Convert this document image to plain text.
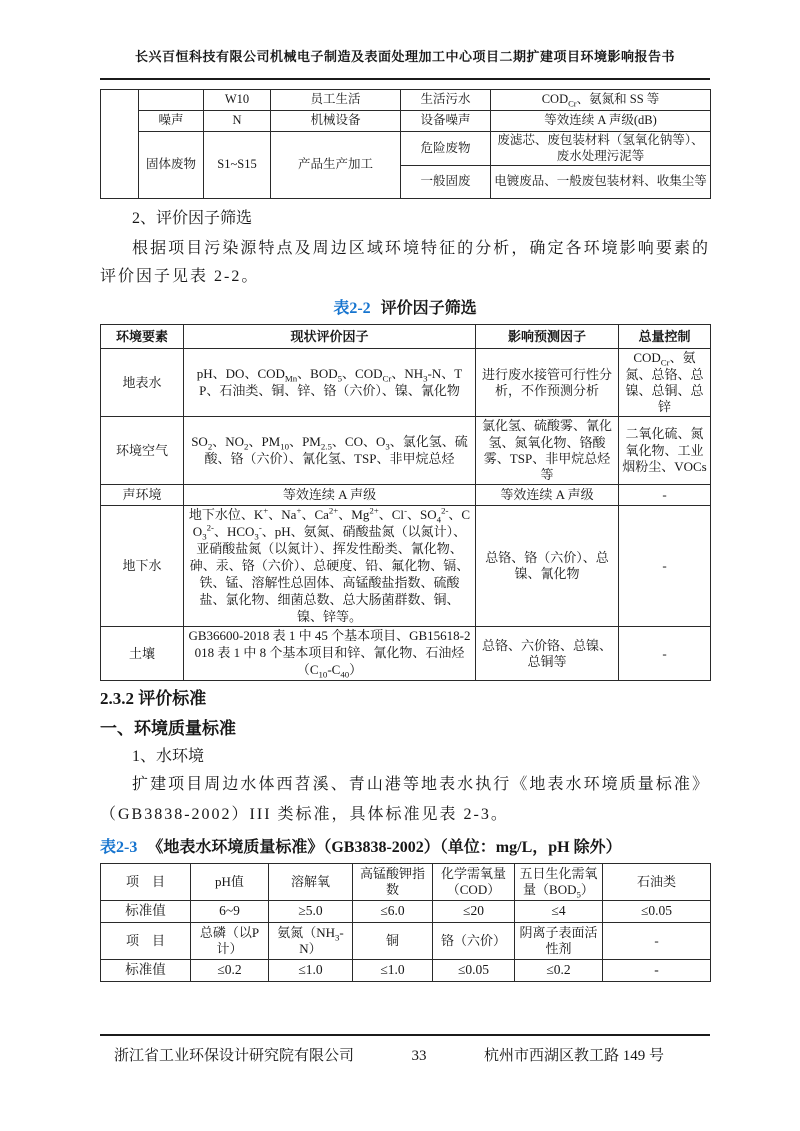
长兴百恒科技有限公司机械电子制造及表面处理加工中心项目二期扩建项目环境影响报告书
		W10	员工生活	生活污水	$COD_{Cr}$、氨氮和 SS 等
	噪声	N	机械设备	设备噪声	等效连续 A 声级(dB)
	固体废物	S1~S15	产品生产加工	危险废物	废滤芯、废包装材料（氢氧化钠等）、废水处理污泥等
				一般固废	电镀废品、一般废包装材料、收集尘等
2、评价因子筛选
根据项目污染源特点及周边区域环境特征的分析，确定各环境影响要素的评价因子见表 2-2。
表2-2 评价因子筛选
环境要素	现状评价因子	影响预测因子	总量控制
地表水	pH、DO、$COD_{Mn}$、$BOD_5$、$COD_{Cr}$、$NH_3-N$、TP、石油类、铜、锌、铬（六价）、镍、氰化物	进行废水接管可行性分析，不作预测分析	$COD_{Cr}$、氨氮、总铬、总镍、总铜、总锌
环境空气	$SO_2$、$NO_2$、$PM_{10}$、$PM_{2.5}$、CO、$O_3$、氯化氢、硫酸、铬（六价）、氰化氢、TSP、非甲烷总烃	氯化氢、硫酸雾、氰化氢、氮氧化物、铬酸雾、TSP、非甲烷总烃等	二氧化硫、氮氧化物、工业烟粉尘、VOCs
声环境	等效连续 A 声级	等效连续 A 声级	-
地下水	地下水位、K+、Na+、$Ca^{2+}$、$Mg^{2+}$、Cl-、$SO_4^{2-}$、$CO_3^{2-}$、$HCO_3^-$、pH、氨氮、硝酸盐氮（以氮计）、亚硝酸盐氮（以氮计）、挥发性酚类、氰化物、砷、汞、铬（六价）、总硬度、铅、氟化物、镉、铁、锰、溶解性总固体、高锰酸盐指数、硫酸盐、氯化物、细菌总数、总大肠菌群数、铜、镍、锌等。	总铬、铬（六价）、总镍、氰化物	-
土壤	GB36600-2018 表 1 中 45 个基本项目、GB15618-2018 表 1 中 8 个基本项目和锌、氰化物、石油烃$(C_{10}-C_{40})$	总铬、六价铬、总镍、总铜等	-
2.3.2 评价标准
一、环境质量标准
1、水环境
扩建项目周边水体西苕溪、青山港等地表水执行《地表水环境质量标准》（GB3838-2002）III 类标准，具体标准见表 2-3。
表2-3 《地表水环境质量标准》（GB3838-2002）（单位：mg/L，pH 除外）
项　目	pH值	溶解氧	高锰酸钾指数	化学需氧量（COD）	五日生化需氧量$(BOD_5)$	石油类
标准值	6~9	≥5.0	≤6.0	≤20	≤4	≤0.05
项　目	总磷（以P计）	氨氮$(NH_3-N)$	铜	铬（六价）	阴离子表面活性剂	-
标准值	≤0.2	≤1.0	≤1.0	≤0.05	≤0.2	-
浙江省工业环保设计研究院有限公司	33	杭州市西湖区教工路 149 号
